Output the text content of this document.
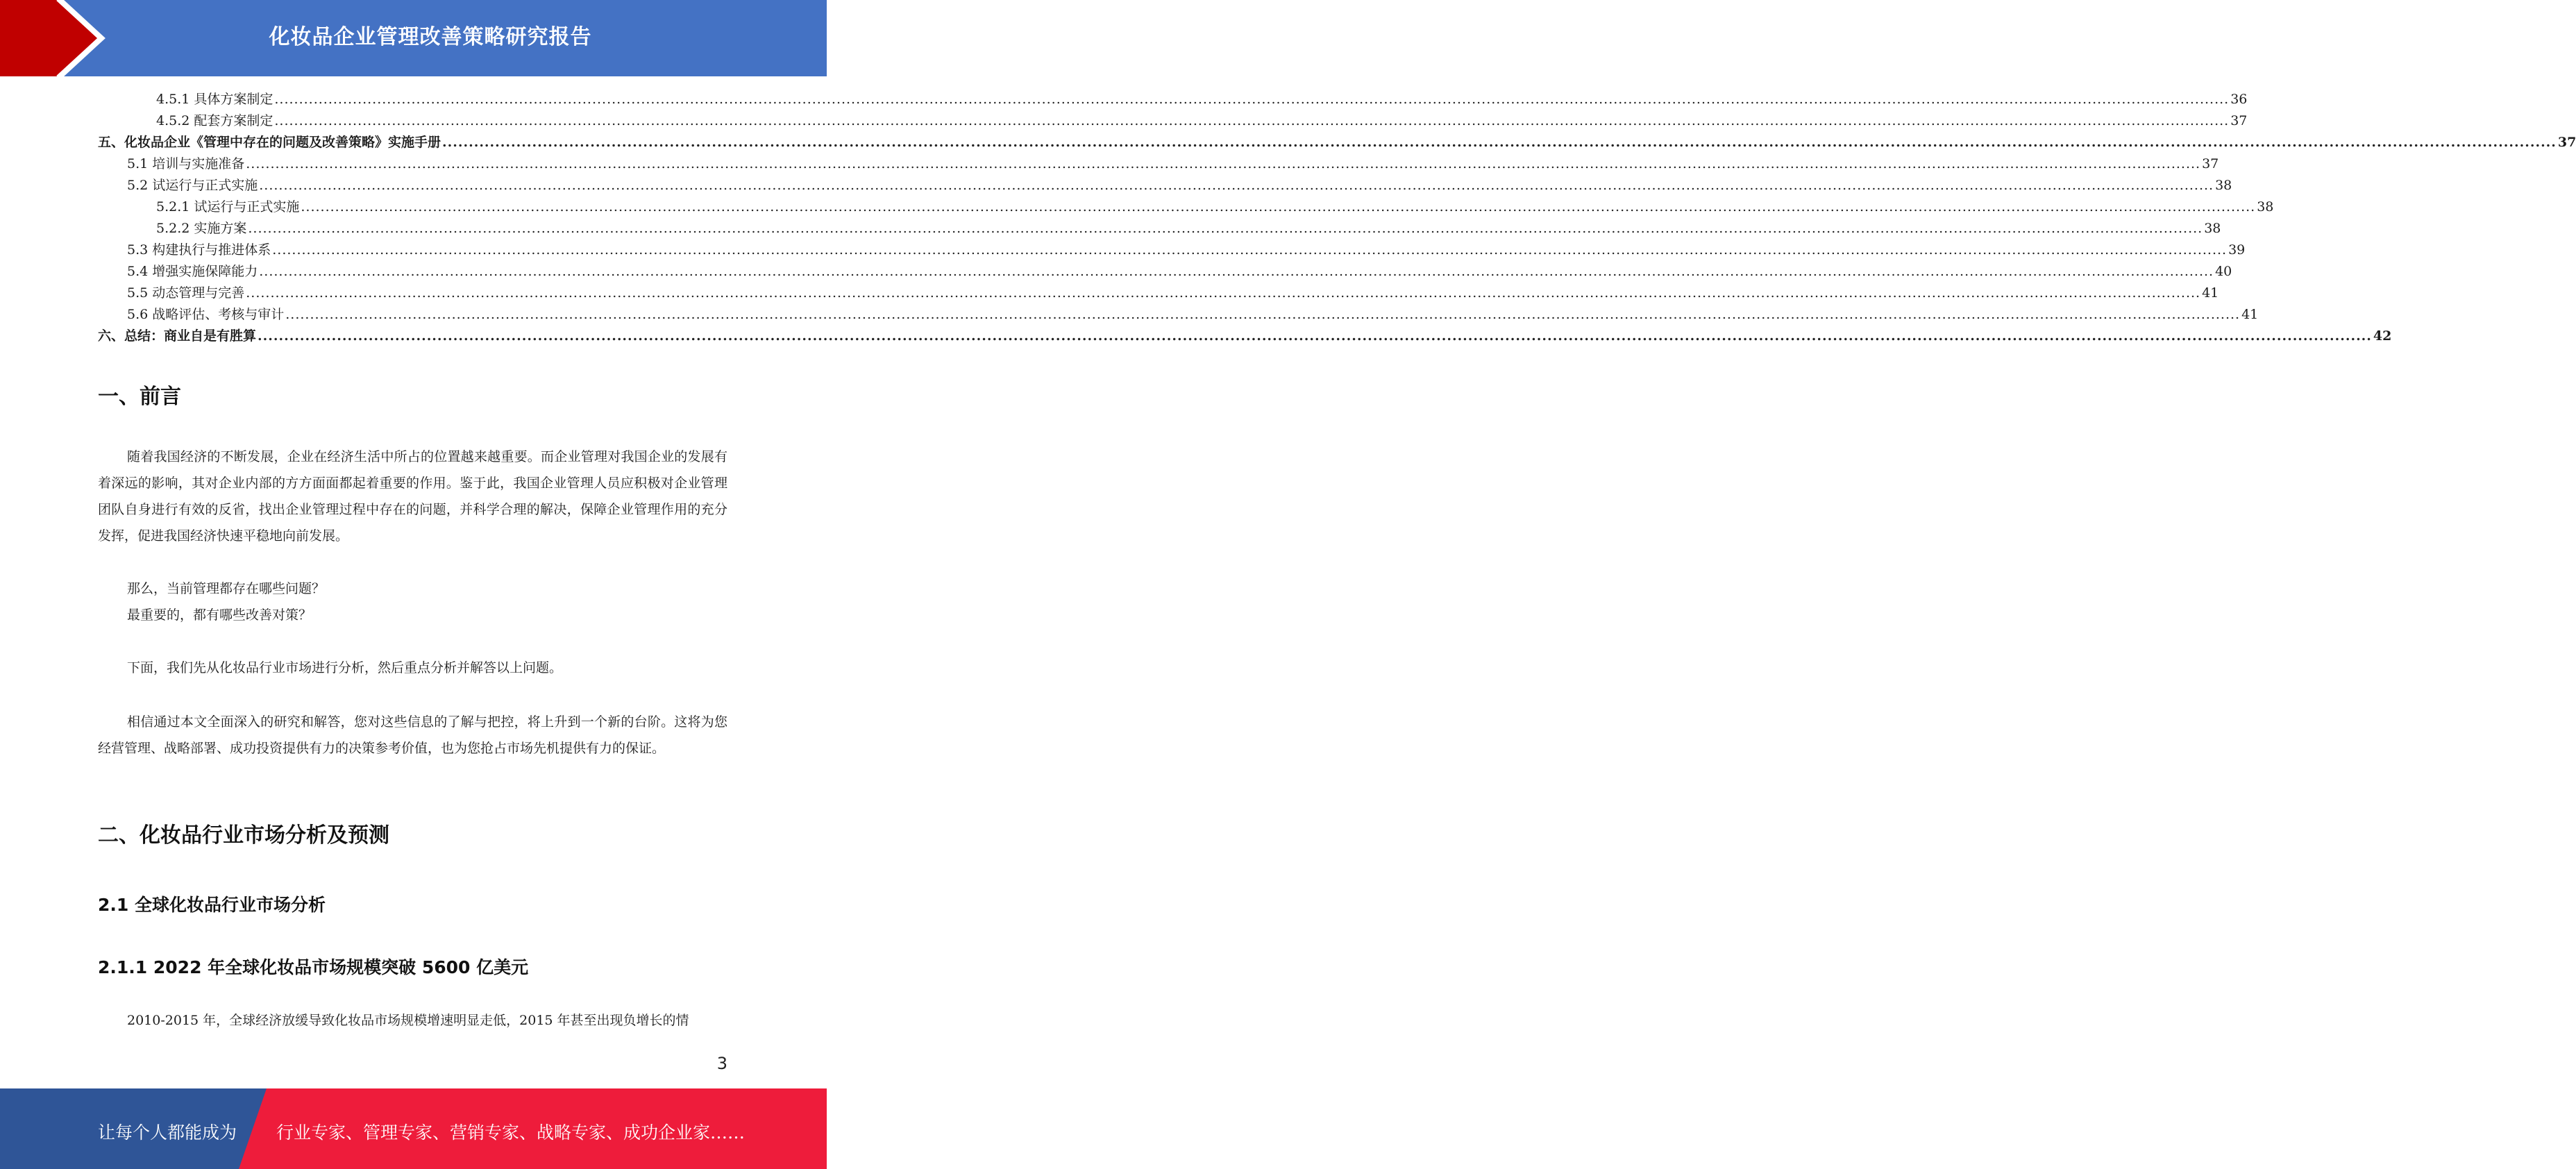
化妆品企业管理改善策略研究报告
4.5.1 具体方案制定 ................................................................................................................................................................................................................................................................................................................................................................................................................ 36
4.5.2 配套方案制定 ................................................................................................................................................................................................................................................................................................................................................................................................................ 37
五、化妆品企业《管理中存在的问题及改善策略》实施手册 ................................................................................................................................................................................................................................................................................................................................................................................................................ 37
5.1 培训与实施准备 ................................................................................................................................................................................................................................................................................................................................................................................................................ 37
5.2 试运行与正式实施 ................................................................................................................................................................................................................................................................................................................................................................................................................ 38
5.2.1 试运行与正式实施 ................................................................................................................................................................................................................................................................................................................................................................................................................ 38
5.2.2 实施方案 ................................................................................................................................................................................................................................................................................................................................................................................................................ 38
5.3 构建执行与推进体系 ................................................................................................................................................................................................................................................................................................................................................................................................................ 39
5.4 增强实施保障能力 ................................................................................................................................................................................................................................................................................................................................................................................................................ 40
5.5 动态管理与完善 ................................................................................................................................................................................................................................................................................................................................................................................................................ 41
5.6 战略评估、考核与审计 ................................................................................................................................................................................................................................................................................................................................................................................................................ 41
六、总结：商业自是有胜算 ................................................................................................................................................................................................................................................................................................................................................................................................................ 42
一、前言
随着我国经济的不断发展，企业在经济生活中所占的位置越来越重要。而企业管理对我国企业的发展有着深远的影响，其对企业内部的方方面面都起着重要的作用。鉴于此，我国企业管理人员应积极对企业管理团队自身进行有效的反省，找出企业管理过程中存在的问题，并科学合理的解决，保障企业管理作用的充分发挥，促进我国经济快速平稳地向前发展。
那么，当前管理都存在哪些问题？
最重要的，都有哪些改善对策？
下面，我们先从化妆品行业市场进行分析，然后重点分析并解答以上问题。
相信通过本文全面深入的研究和解答，您对这些信息的了解与把控，将上升到一个新的台阶。这将为您经营管理、战略部署、成功投资提供有力的决策参考价值，也为您抢占市场先机提供有力的保证。
二、化妆品行业市场分析及预测
2.1 全球化妆品行业市场分析
2.1.1 2022 年全球化妆品市场规模突破 5600 亿美元
2010-2015 年，全球经济放缓导致化妆品市场规模增速明显走低，2015 年甚至出现负增长的情
3
让每个人都能成为 行业专家、管理专家、营销专家、战略专家、成功企业家……
